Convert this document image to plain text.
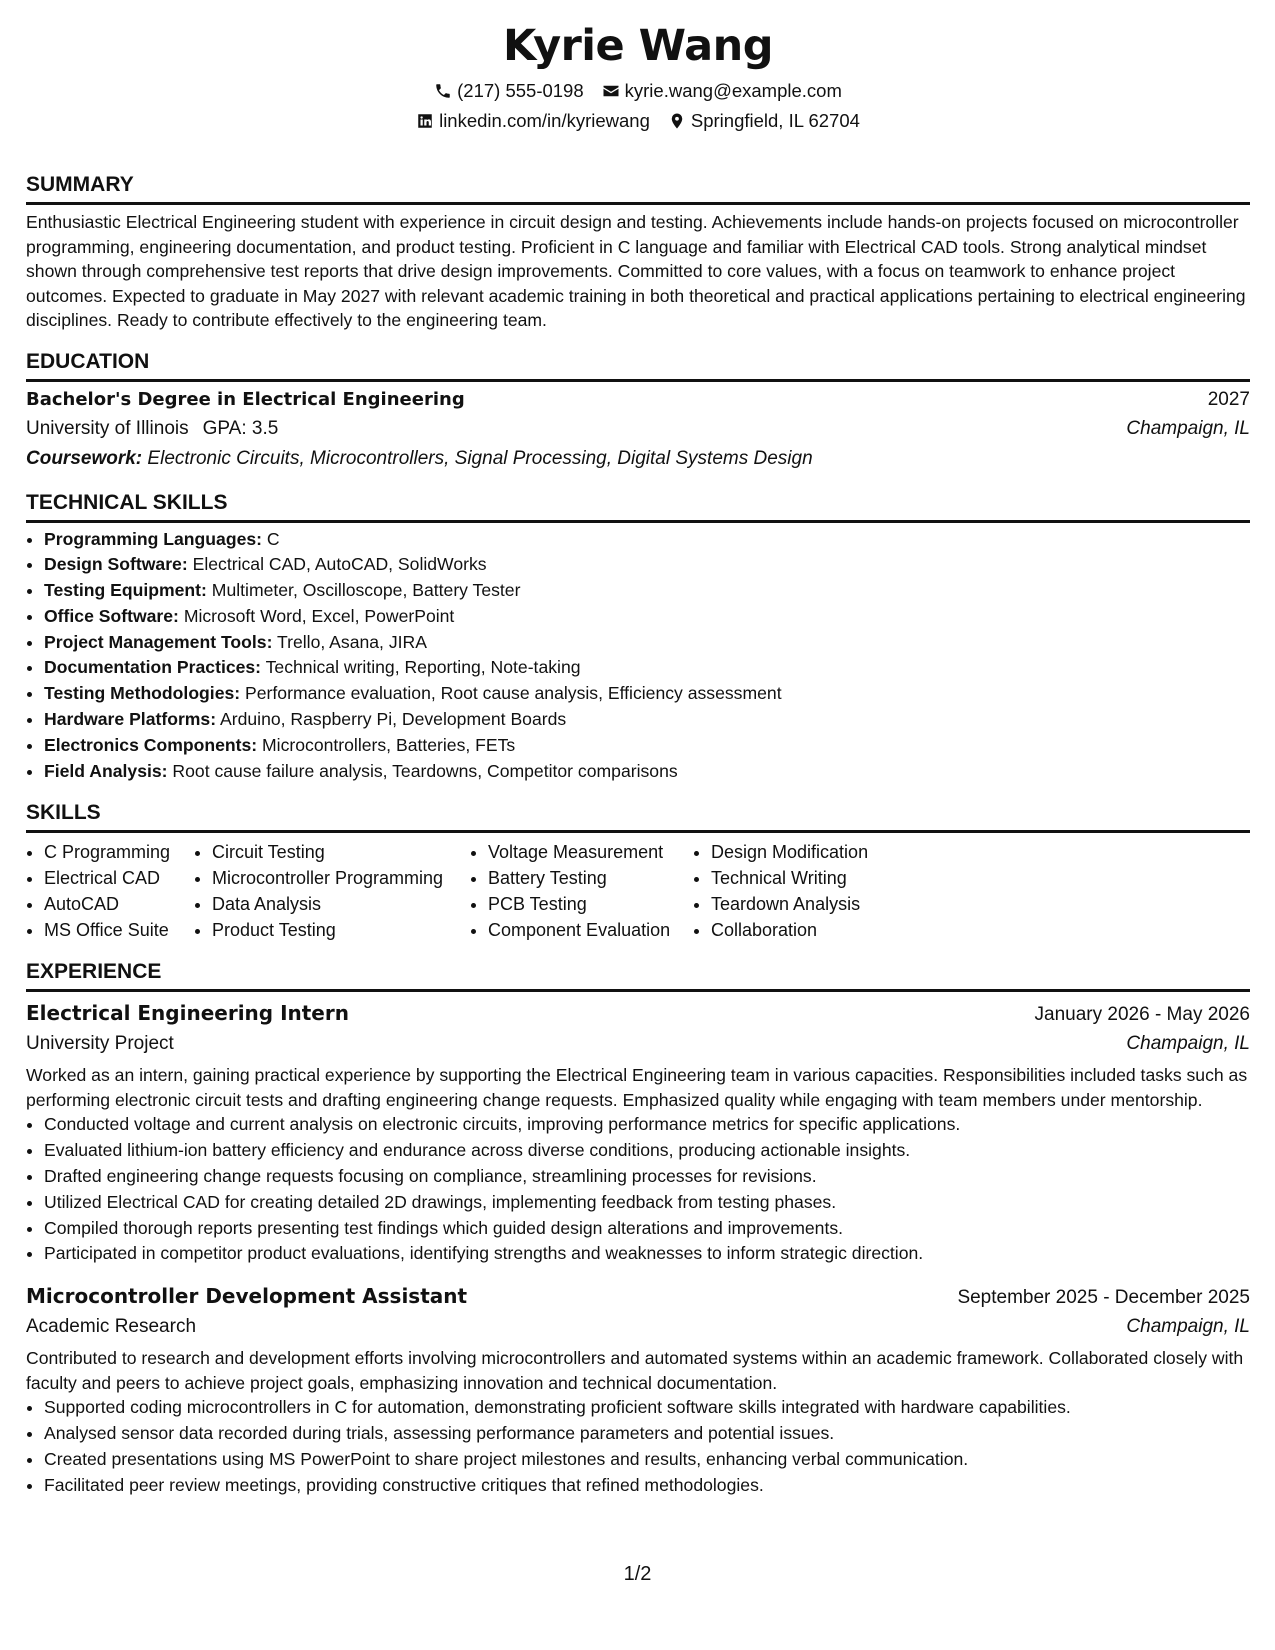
Kyrie Wang
(217) 555-0198 kyrie.wang@example.com
linkedin.com/in/kyriewang Springfield, IL 62704
SUMMARY

Enthusiastic Electrical Engineering student with experience in circuit design and testing. Achievements include hands-on projects focused on microcontroller programming, engineering documentation, and product testing. Proficient in C language and familiar with Electrical CAD tools. Strong analytical mindset shown through comprehensive test reports that drive design improvements. Committed to core values, with a focus on teamwork to enhance project outcomes. Expected to graduate in May 2027 with relevant academic training in both theoretical and practical applications pertaining to electrical engineering disciplines. Ready to contribute effectively to the engineering team.

EDUCATION
Bachelor's Degree in Electrical Engineering	2027
University of Illinois GPA: 3.5	Champaign, IL
Coursework: Electronic Circuits, Microcontrollers, Signal Processing, Digital Systems Design
TECHNICAL SKILLS
• Programming Languages: C
• Design Software: Electrical CAD, AutoCAD, SolidWorks
• Testing Equipment: Multimeter, Oscilloscope, Battery Tester
• Office Software: Microsoft Word, Excel, PowerPoint
• Project Management Tools: Trello, Asana, JIRA
• Documentation Practices: Technical writing, Reporting, Note-taking
• Testing Methodologies: Performance evaluation, Root cause analysis, Efficiency assessment
• Hardware Platforms: Arduino, Raspberry Pi, Development Boards
• Electronics Components: Microcontrollers, Batteries, FETs
• Field Analysis: Root cause failure analysis, Teardowns, Competitor comparisons
SKILLS
• C Programming
• Electrical CAD
• AutoCAD
• MS Office Suite
• Circuit Testing
• Microcontroller Programming
• Data Analysis
• Product Testing
• Voltage Measurement
• Battery Testing
• PCB Testing
• Component Evaluation
• Design Modification
• Technical Writing
• Teardown Analysis
• Collaboration
EXPERIENCE
Electrical Engineering Intern	January 2026 - May 2026
University Project	Champaign, IL

Worked as an intern, gaining practical experience by supporting the Electrical Engineering team in various capacities. Responsibilities included tasks such as performing electronic circuit tests and drafting engineering change requests. Emphasized quality while engaging with team members under mentorship.

• Conducted voltage and current analysis on electronic circuits, improving performance metrics for specific applications.
• Evaluated lithium-ion battery efficiency and endurance across diverse conditions, producing actionable insights.
• Drafted engineering change requests focusing on compliance, streamlining processes for revisions.
• Utilized Electrical CAD for creating detailed 2D drawings, implementing feedback from testing phases.
• Compiled thorough reports presenting test findings which guided design alterations and improvements.
• Participated in competitor product evaluations, identifying strengths and weaknesses to inform strategic direction.
Microcontroller Development Assistant	September 2025 - December 2025
Academic Research	Champaign, IL

Contributed to research and development efforts involving microcontrollers and automated systems within an academic framework. Collaborated closely with faculty and peers to achieve project goals, emphasizing innovation and technical documentation.

• Supported coding microcontrollers in C for automation, demonstrating proficient software skills integrated with hardware capabilities.
• Analysed sensor data recorded during trials, assessing performance parameters and potential issues.
• Created presentations using MS PowerPoint to share project milestones and results, enhancing verbal communication.
• Facilitated peer review meetings, providing constructive critiques that refined methodologies.
1/2
